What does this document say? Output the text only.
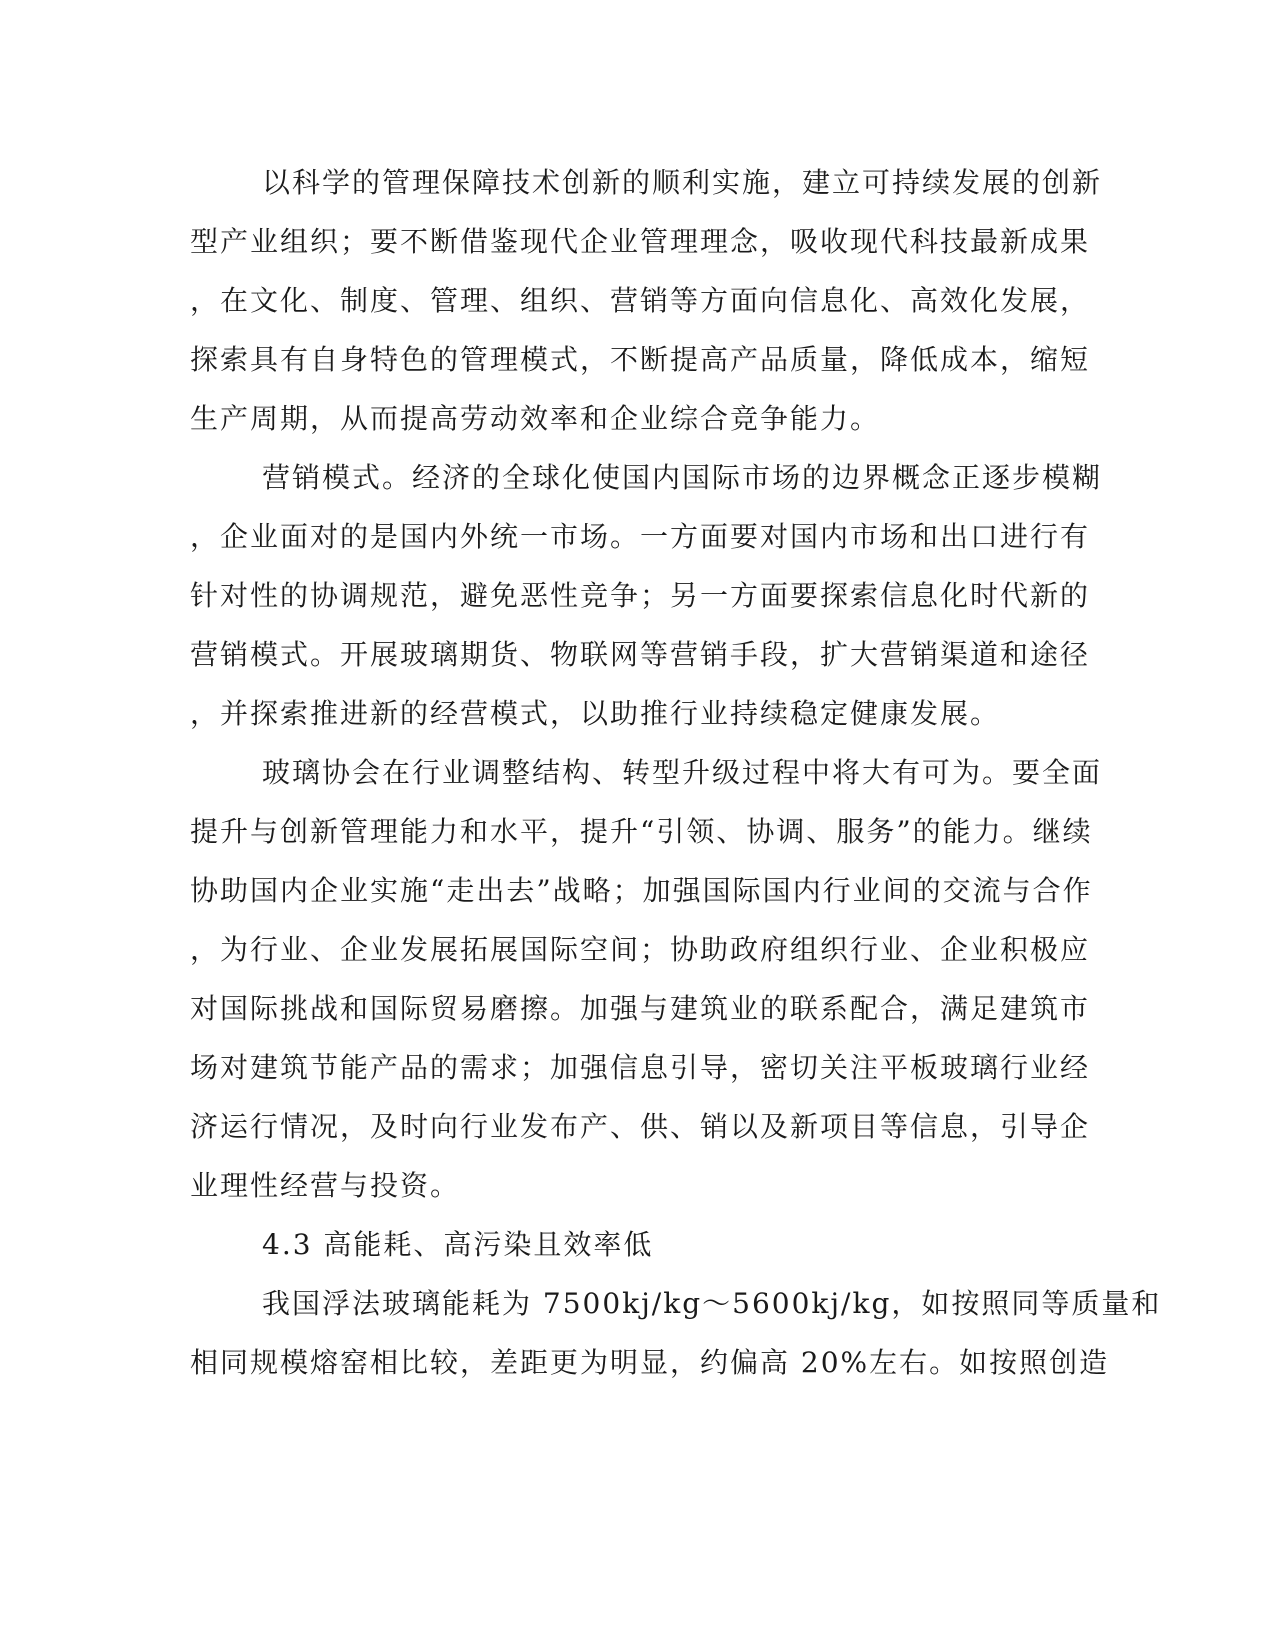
以科学的管理保障技术创新的顺利实施，建立可持续发展的创新
型产业组织；要不断借鉴现代企业管理理念，吸收现代科技最新成果
，在文化、制度、管理、组织、营销等方面向信息化、高效化发展，
探索具有自身特色的管理模式，不断提高产品质量，降低成本，缩短
生产周期，从而提高劳动效率和企业综合竞争能力。
营销模式。经济的全球化使国内国际市场的边界概念正逐步模糊
，企业面对的是国内外统一市场。一方面要对国内市场和出口进行有
针对性的协调规范，避免恶性竞争；另一方面要探索信息化时代新的
营销模式。开展玻璃期货、物联网等营销手段，扩大营销渠道和途径
，并探索推进新的经营模式，以助推行业持续稳定健康发展。
玻璃协会在行业调整结构、转型升级过程中将大有可为。要全面
提升与创新管理能力和水平，提升“引领、协调、服务”的能力。继续
协助国内企业实施“走出去”战略；加强国际国内行业间的交流与合作
，为行业、企业发展拓展国际空间；协助政府组织行业、企业积极应
对国际挑战和国际贸易磨擦。加强与建筑业的联系配合，满足建筑市
场对建筑节能产品的需求；加强信息引导，密切关注平板玻璃行业经
济运行情况，及时向行业发布产、供、销以及新项目等信息，引导企
业理性经营与投资。
4.3 高能耗、高污染且效率低
我国浮法玻璃能耗为 7500kj/kg～5600kj/kg，如按照同等质量和
相同规模熔窑相比较，差距更为明显，约偏高 20%左右。如按照创造
